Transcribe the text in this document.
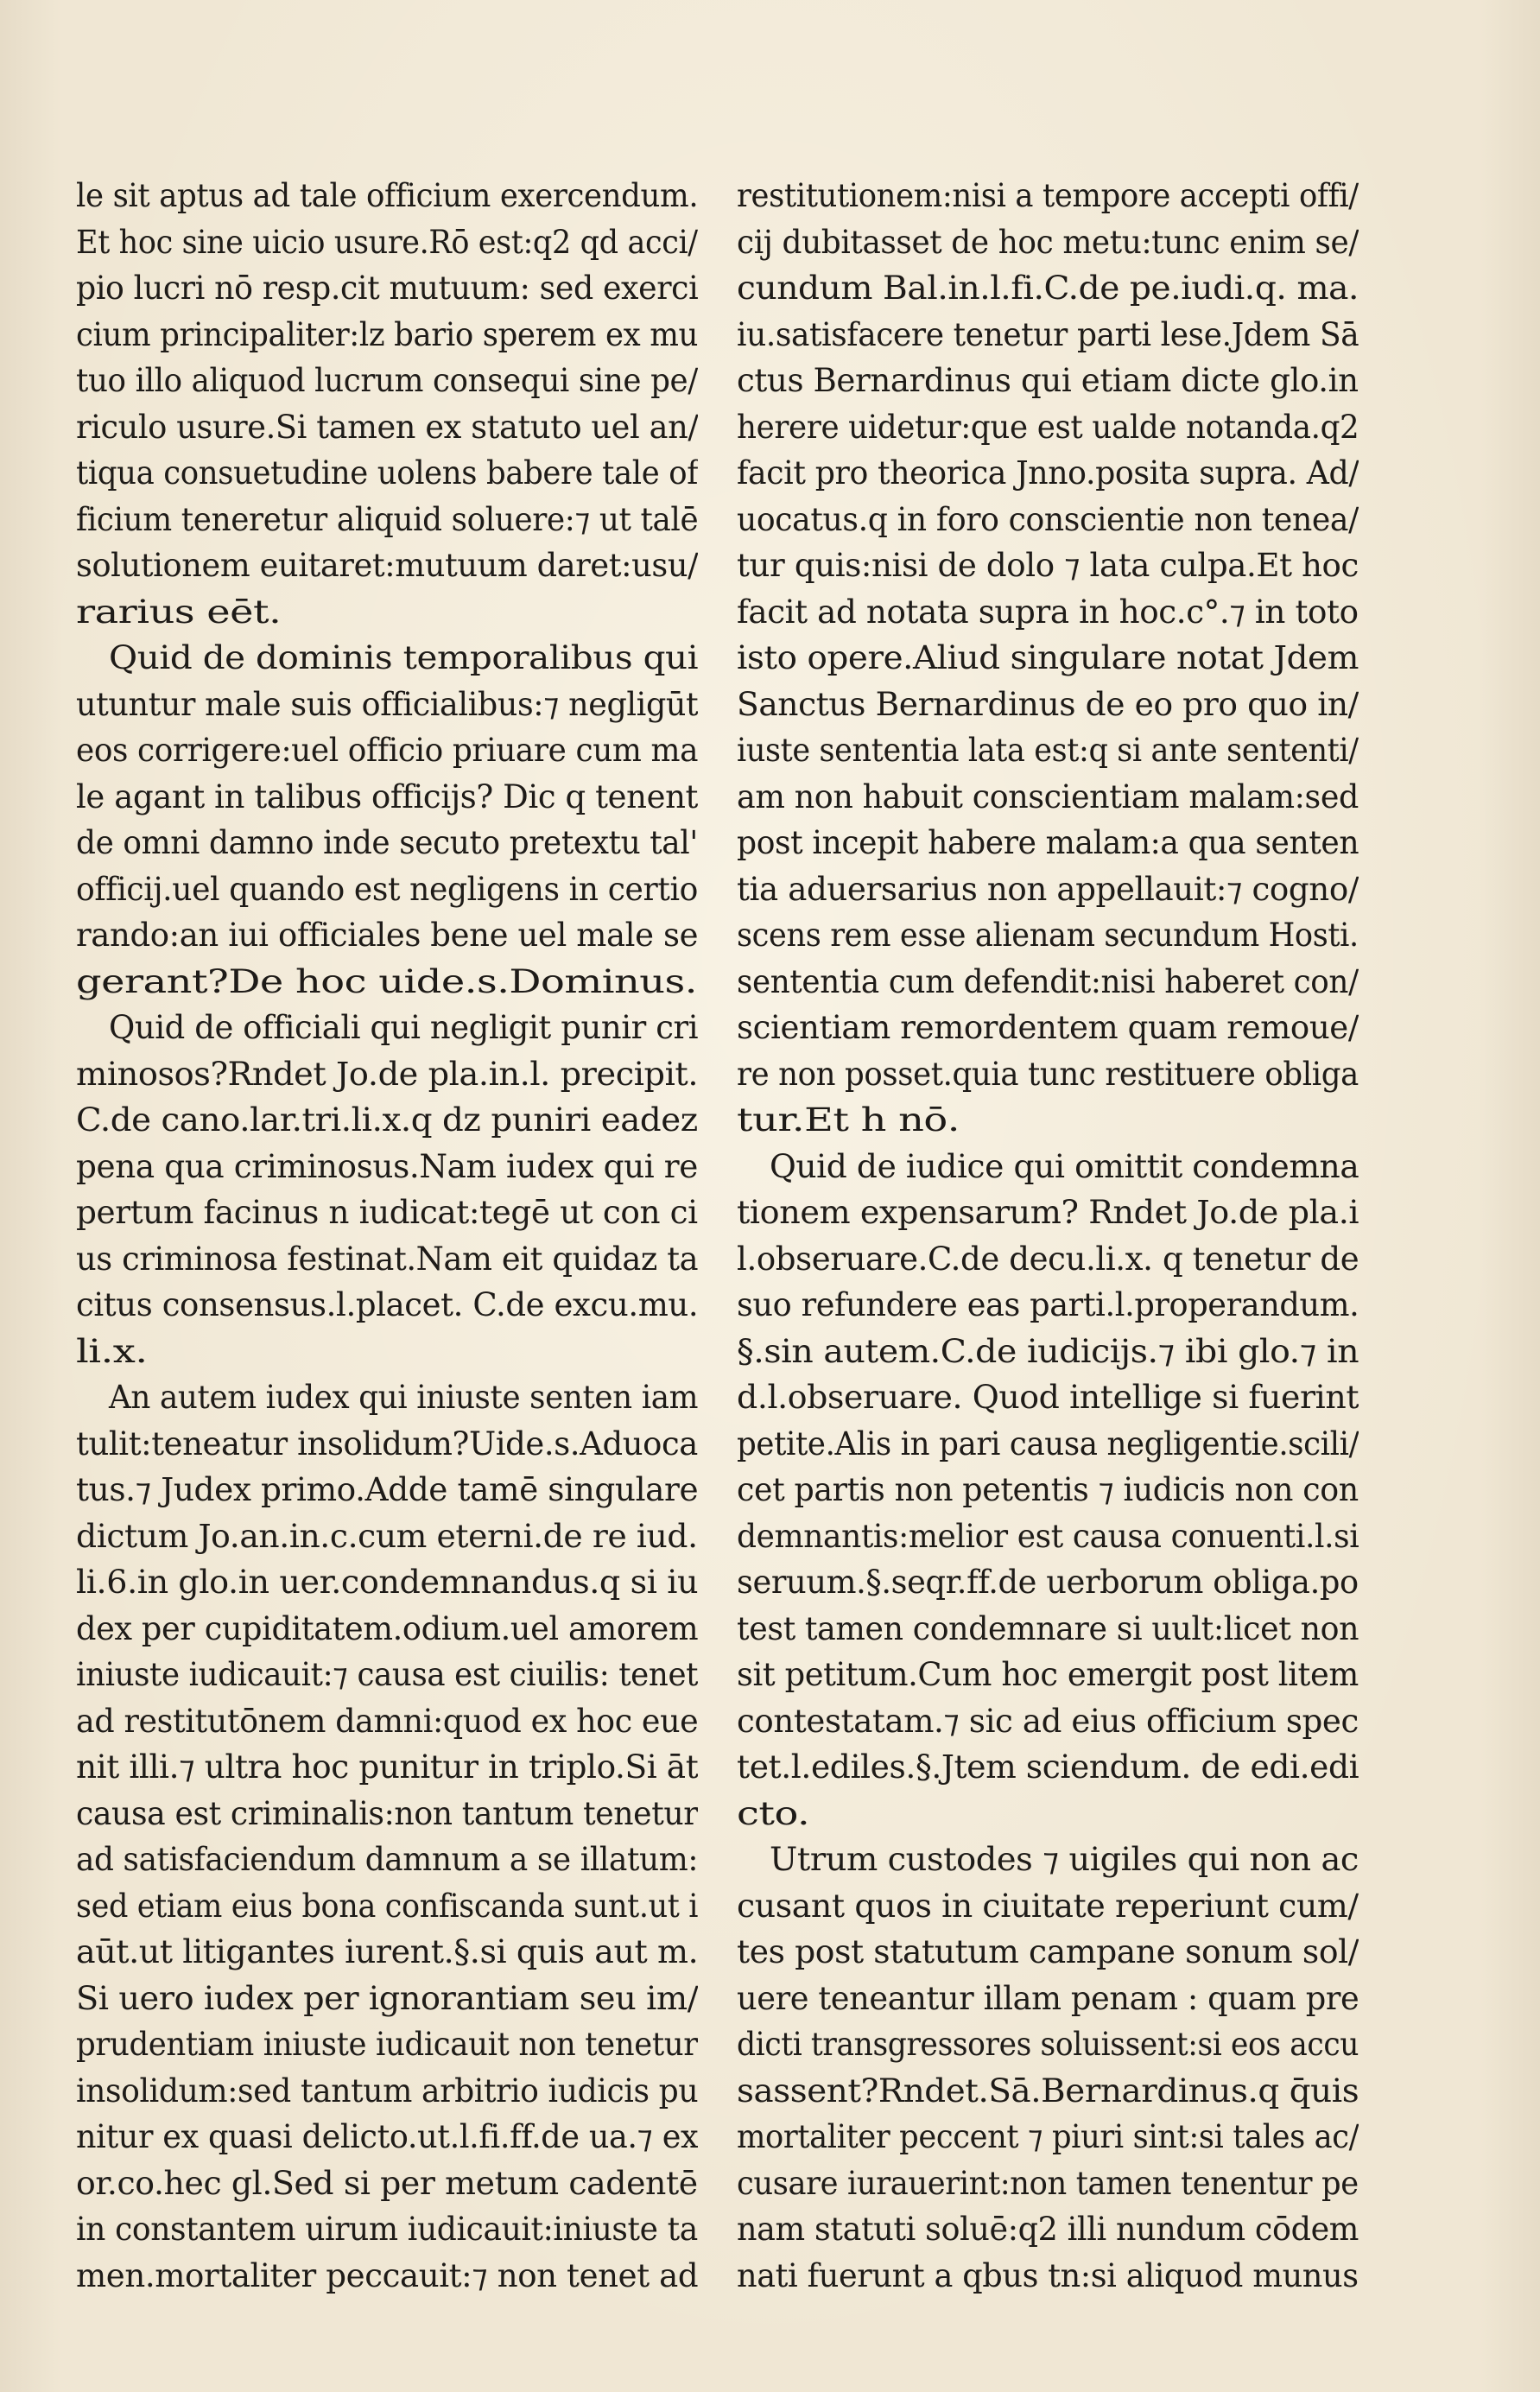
le sit aptus ad tale officium exercendum.
Et hoc sine uicio usure.Rō est:q2 qd acci/
pio lucri nō resp.cit mutuum: sed exerci
cium principaliter:lz bario sperem ex mu
tuo illo aliquod lucrum consequi sine pe/
riculo usure.Si tamen ex statuto uel an/
tiqua consuetudine uolens babere tale of
ficium teneretur aliquid soluere:⁊ ut talē
solutionem euitaret:mutuum daret:usu/
rarius eēt.
Quid de dominis temporalibus qui
utuntur male suis officialibus:⁊ negligūt
eos corrigere:uel officio priuare cum ma
le agant in talibus officijs? Dic q tenent
de omni damno inde secuto pretextu tal'
officij.uel quando est negligens in certio
rando:an iui officiales bene uel male se
gerant?De hoc uide.s.Dominus.
Quid de officiali qui negligit punir cri
minosos?Rndet Jo.de pla.in.l. precipit.
C.de cano.lar.tri.li.x.q dz puniri eadez
pena qua criminosus.Nam iudex qui re
pertum facinus n iudicat:tegē ut con ci
us criminosa festinat.Nam eit quidaz ta
citus consensus.l.placet. C.de excu.mu.
li.x.
An autem iudex qui iniuste senten iam
tulit:teneatur insolidum?Uide.s.Aduoca
tus.⁊ Judex primo.Adde tamē singulare
dictum Jo.an.in.c.cum eterni.de re iud.
li.6.in glo.in uer.condemnandus.q si iu
dex per cupiditatem.odium.uel amorem
iniuste iudicauit:⁊ causa est ciuilis: tenet
ad restitutōnem damni:quod ex hoc eue
nit illi.⁊ ultra hoc punitur in triplo.Si āt
causa est criminalis:non tantum tenetur
ad satisfaciendum damnum a se illatum:
sed etiam eius bona confiscanda sunt.ut i
aūt.ut litigantes iurent.§.si quis aut m.
Si uero iudex per ignorantiam seu im/
prudentiam iniuste iudicauit non tenetur
insolidum:sed tantum arbitrio iudicis pu
nitur ex quasi delicto.ut.l.fi.ff.de ua.⁊ ex
or.co.hec gl.Sed si per metum cadentē
in constantem uirum iudicauit:iniuste ta
men.mortaliter peccauit:⁊ non tenet ad
restitutionem:nisi a tempore accepti offi/
cij dubitasset de hoc metu:tunc enim se/
cundum Bal.in.l.fi.C.de pe.iudi.q. ma.
iu.satisfacere tenetur parti lese.Jdem Sā
ctus Bernardinus qui etiam dicte glo.in
herere uidetur:que est ualde notanda.q2
facit pro theorica Jnno.posita supra. Ad/
uocatus.q in foro conscientie non tenea/
tur quis:nisi de dolo ⁊ lata culpa.Et hoc
facit ad notata supra in hoc.c°.⁊ in toto
isto opere.Aliud singulare notat Jdem
Sanctus Bernardinus de eo pro quo in/
iuste sententia lata est:q si ante sententi/
am non habuit conscientiam malam:sed
post incepit habere malam:a qua senten
tia aduersarius non appellauit:⁊ cogno/
scens rem esse alienam secundum Hosti.
sententia cum defendit:nisi haberet con/
scientiam remordentem quam remoue/
re non posset.quia tunc restituere obliga
tur.Et h nō.
Quid de iudice qui omittit condemna
tionem expensarum? Rndet Jo.de pla.i
l.obseruare.C.de decu.li.x. q tenetur de
suo refundere eas parti.l.properandum.
§.sin autem.C.de iudicijs.⁊ ibi glo.⁊ in
d.l.obseruare. Quod intellige si fuerint
petite.Alis in pari causa negligentie.scili/
cet partis non petentis ⁊ iudicis non con
demnantis:melior est causa conuenti.l.si
seruum.§.seqr.ff.de uerborum obliga.po
test tamen condemnare si uult:licet non
sit petitum.Cum hoc emergit post litem
contestatam.⁊ sic ad eius officium spec
tet.l.ediles.§.Jtem sciendum. de edi.edi
cto.
Utrum custodes ⁊ uigiles qui non ac
cusant quos in ciuitate reperiunt cum/
tes post statutum campane sonum sol/
uere teneantur illam penam : quam pre
dicti transgressores soluissent:si eos accu
sassent?Rndet.Sā.Bernardinus.q q̄uis
mortaliter peccent ⁊ piuri sint:si tales ac/
cusare iurauerint:non tamen tenentur pe
nam statuti soluē:q2 illi nundum cōdem
nati fuerunt a qbus tn:si aliquod munus
